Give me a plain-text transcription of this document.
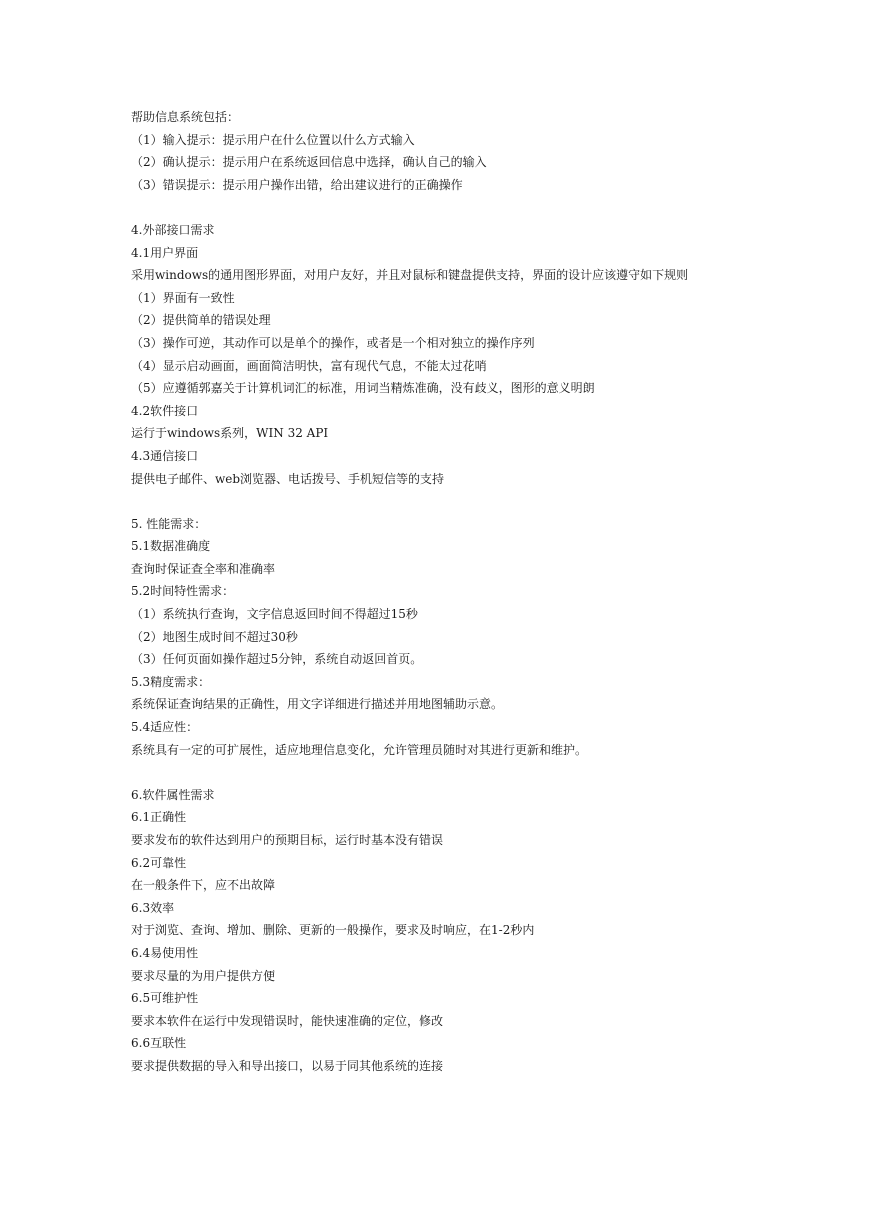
帮助信息系统包括：
（1）输入提示：提示用户在什么位置以什么方式输入
（2）确认提示：提示用户在系统返回信息中选择，确认自己的输入
（3）错误提示：提示用户操作出错，给出建议进行的正确操作
4.外部接口需求
4.1用户界面
采用windows的通用图形界面，对用户友好，并且对鼠标和键盘提供支持，界面的设计应该遵守如下规则
（1）界面有一致性
（2）提供简单的错误处理
（3）操作可逆，其动作可以是单个的操作，或者是一个相对独立的操作序列
（4）显示启动画面，画面简洁明快，富有现代气息，不能太过花哨
（5）应遵循郭嘉关于计算机词汇的标准，用词当精炼准确，没有歧义，图形的意义明朗
4.2软件接口
运行于windows系列，WIN 32 API
4.3通信接口
提供电子邮件、web浏览器、电话拨号、手机短信等的支持
5. 性能需求：
5.1数据准确度
查询时保证查全率和准确率
5.2时间特性需求：
（1）系统执行查询，文字信息返回时间不得超过15秒
（2）地图生成时间不超过30秒
（3）任何页面如操作超过5分钟，系统自动返回首页。
5.3精度需求：
系统保证查询结果的正确性，用文字详细进行描述并用地图辅助示意。
5.4适应性：
系统具有一定的可扩展性，适应地理信息变化，允许管理员随时对其进行更新和维护。
6.软件属性需求
6.1正确性
要求发布的软件达到用户的预期目标，运行时基本没有错误
6.2可靠性
在一般条件下，应不出故障
6.3效率
对于浏览、查询、增加、删除、更新的一般操作，要求及时响应，在1-2秒内
6.4易使用性
要求尽量的为用户提供方便
6.5可维护性
要求本软件在运行中发现错误时，能快速准确的定位，修改
6.6互联性
要求提供数据的导入和导出接口，以易于同其他系统的连接
